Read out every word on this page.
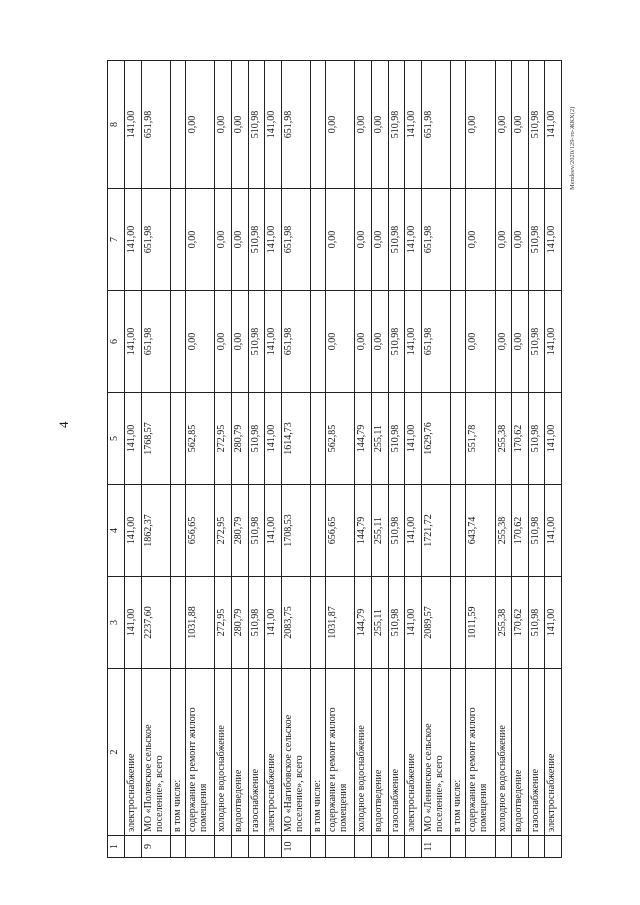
4
Mendeev/2020/129-то-ЖКХ(2)
1	2	3	4	5	6	7	8
	электроснабжение	141,00	141,00	141,00	141,00	141,00	141,00
9	МО «Полевское сельское поселение», всего	2237,60	1862,37	1768,57	651,98	651,98	651,98
	в том числе:						
	содержание и ремонт жилого помещения	1031,88	656,65	562,85	0,00	0,00	0,00
	холодное водоснабжение	272,95	272,95	272,95	0,00	0,00	0,00
	водоотведение	280,79	280,79	280,79	0,00	0,00	0,00
	газоснабжение	510,98	510,98	510,98	510,98	510,98	510,98
	электроснабжение	141,00	141,00	141,00	141,00	141,00	141,00
10	МО «Нагибовское сельское поселение», всего	2083,75	1708,53	1614,73	651,98	651,98	651,98
	в том числе:						
	содержание и ремонт жилого помещения	1031,87	656,65	562,85	0,00	0,00	0,00
	холодное водоснабжение	144,79	144,79	144,79	0,00	0,00	0,00
	водоотведение	255,11	255,11	255,11	0,00	0,00	0,00
	газоснабжение	510,98	510,98	510,98	510,98	510,98	510,98
	электроснабжение	141,00	141,00	141,00	141,00	141,00	141,00
11	МО «Ленинское сельское поселение», всего	2089,57	1721,72	1629,76	651,98	651,98	651,98
	в том числе:						
	содержание и ремонт жилого помещения	1011,59	643,74	551,78	0,00	0,00	0,00
	холодное водоснабжение	255,38	255,38	255,38	0,00	0,00	0,00
	водоотведение	170,62	170,62	170,62	0,00	0,00	0,00
	газоснабжение	510,98	510,98	510,98	510,98	510,98	510,98
	электроснабжение	141,00	141,00	141,00	141,00	141,00	141,00
